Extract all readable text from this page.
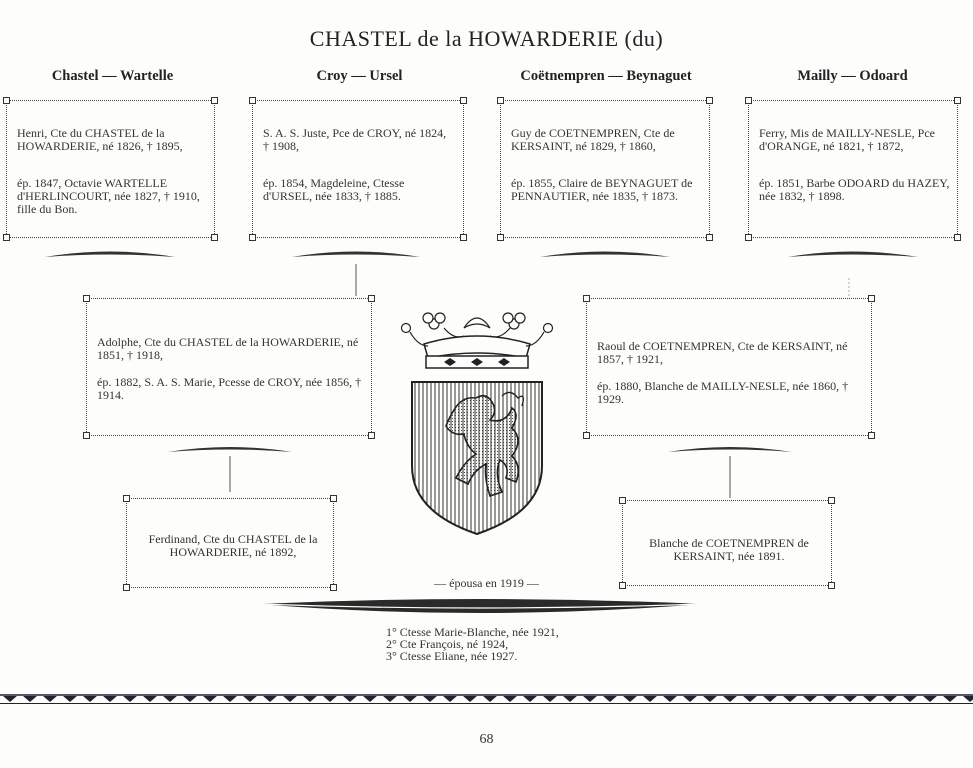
CHASTEL de la HOWARDERIE (du)
Chastel — Wartelle	Croy — Ursel	Coëtnempren — Beynaguet	Mailly — Odoard

Henri, Cte du CHASTEL de la HOWARDERIE, né 1826, † 1895,

ép. 1847, Octavie WARTELLE d'HERLINCOURT, née 1827, † 1910, fille du Bon.

S. A. S. Juste, Pce de CROY, né 1824, † 1908,

ép. 1854, Magdeleine, Ctesse d'URSEL, née 1833, † 1885.

Guy de COETNEMPREN, Cte de KERSAINT, né 1829, † 1860,

ép. 1855, Claire de BEYNAGUET de PENNAUTIER, née 1835, † 1873.

Ferry, Mis de MAILLY-NESLE, Pce d'ORANGE, né 1821, † 1872,

ép. 1851, Barbe ODOARD du HAZEY, née 1832, † 1898.

Adolphe, Cte du CHASTEL de la HOWARDERIE, né 1851, † 1918,

ép. 1882, S. A. S. Marie, Pcesse de CROY, née 1856, † 1914.

Raoul de COETNEMPREN, Cte de KERSAINT, né 1857, † 1921,

ép. 1880, Blanche de MAILLY-NESLE, née 1860, † 1929.

Ferdinand, Cte du CHASTEL de la HOWARDERIE, né 1892,

Blanche de COETNEMPREN de KERSAINT, née 1891.

— épousa en 1919 —
1° Ctesse Marie-Blanche, née 1921,
2° Cte François, né 1924,
3° Ctesse Eliane, née 1927.
68
